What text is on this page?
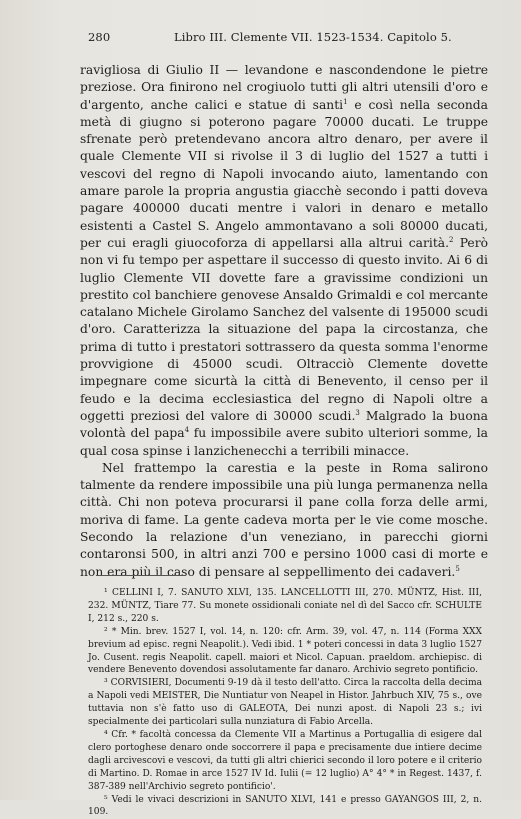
280	Libro III. Clemente VII. 1523-1534. Capitolo 5.

ravigliosa di Giulio II — levandone e nascondendone le pietre preziose. Ora finirono nel crogiuolo tutti gli altri utensili d'oro e d'argento, anche calici e statue di santi$^1$ e così nella seconda metà di giugno si poterono pagare 70000 ducati. Le truppe sfrenate però pretendevano ancora altro denaro, per avere il quale Clemente VII si rivolse il 3 di luglio del 1527 a tutti i vescovi del regno di Napoli invocando aiuto, lamentando con amare parole la propria angustia giacchè secondo i patti doveva pagare 400000 ducati mentre i valori in denaro e metallo esistenti a Castel S. Angelo ammontavano a soli 80000 ducati, per cui eragli giuocoforza di appellarsi alla altrui carità.$^2$ Però non vi fu tempo per aspettare il successo di questo invito. Ai 6 di luglio Clemente VII dovette fare a gravissime condizioni un prestito col banchiere genovese Ansaldo Grimaldi e col mercante catalano Michele Girolamo Sanchez del valsente di 195000 scudi d'oro. Caratterizza la situazione del papa la circostanza, che prima di tutto i prestatori sottrassero da questa somma l'enorme provvigione di 45000 scudi. Oltracciò Clemente dovette impegnare come sicurtà la città di Benevento, il censo per il feudo e la decima ecclesiastica del regno di Napoli oltre a oggetti preziosi del valore di 30000 scudi.$^3$ Malgrado la buona volontà del papa$^4$ fu impossibile avere subito ulteriori somme, la qual cosa spinse i lanzichenecchi a terribili minacce.

Nel frattempo la carestia e la peste in Roma salirono talmente da rendere impossibile una più lunga permanenza nella città. Chi non poteva procurarsi il pane colla forza delle armi, moriva di fame. La gente cadeva morta per le vie come mosche. Secondo la relazione d'un veneziano, in parecchi giorni contaronsi 500, in altri anzi 700 e persino 1000 casi di morte e non era più il caso di pensare al seppellimento dei cadaveri.$^5$

¹ CELLINI I, 7. SANUTO XLVI, 135. LANCELLOTTI III, 270. MÜNTZ, Hist. III, 232. MÜNTZ, Tiare 77. Su monete ossidionali coniate nel dì del Sacco cfr. SCHULTE I, 212 s., 220 s.

² * Min. brev. 1527 I, vol. 14, n. 120: cfr. Arm. 39, vol. 47, n. 114 (Forma XXX brevium ad episc. regni Neapolit.). Vedi ibid. 1 * poteri concessi in data 3 luglio 1527 Jo. Cusent. regis Neapolit. capell. maiori et Nicol. Capuan. praeldom. archiepisc. di vendere Benevento dovendosi assolutamente far danaro. Archivio segreto pontificio.

³ CORVISIERI, Documenti 9-19 dà il testo dell'atto. Circa la raccolta della decima a Napoli vedi MEISTER, Die Nuntiatur von Neapel in Histor. Jahrbuch XIV, 75 s., ove tuttavia non s'è fatto uso di GALEOTA, Dei nunzi apost. di Napoli 23 s.; ivi specialmente dei particolari sulla nunziatura di Fabio Arcella.

⁴ Cfr. * facoltà concessa da Clemente VII a Martinus a Portugallia di esigere dal clero portoghese denaro onde soccorrere il papa e precisamente due intiere decime dagli arcivescovi e vescovi, da tutti gli altri chierici secondo il loro potere e il criterio di Martino. D. Romae in arce 1527 IV Id. Iulii (= 12 luglio) A° 4° * in Regest. 1437, f. 387-389 nell'Archivio segreto pontificio'.

⁵ Vedi le vivaci descrizioni in SANUTO XLVI, 141 e presso GAYANGOS III, 2, n. 109.
